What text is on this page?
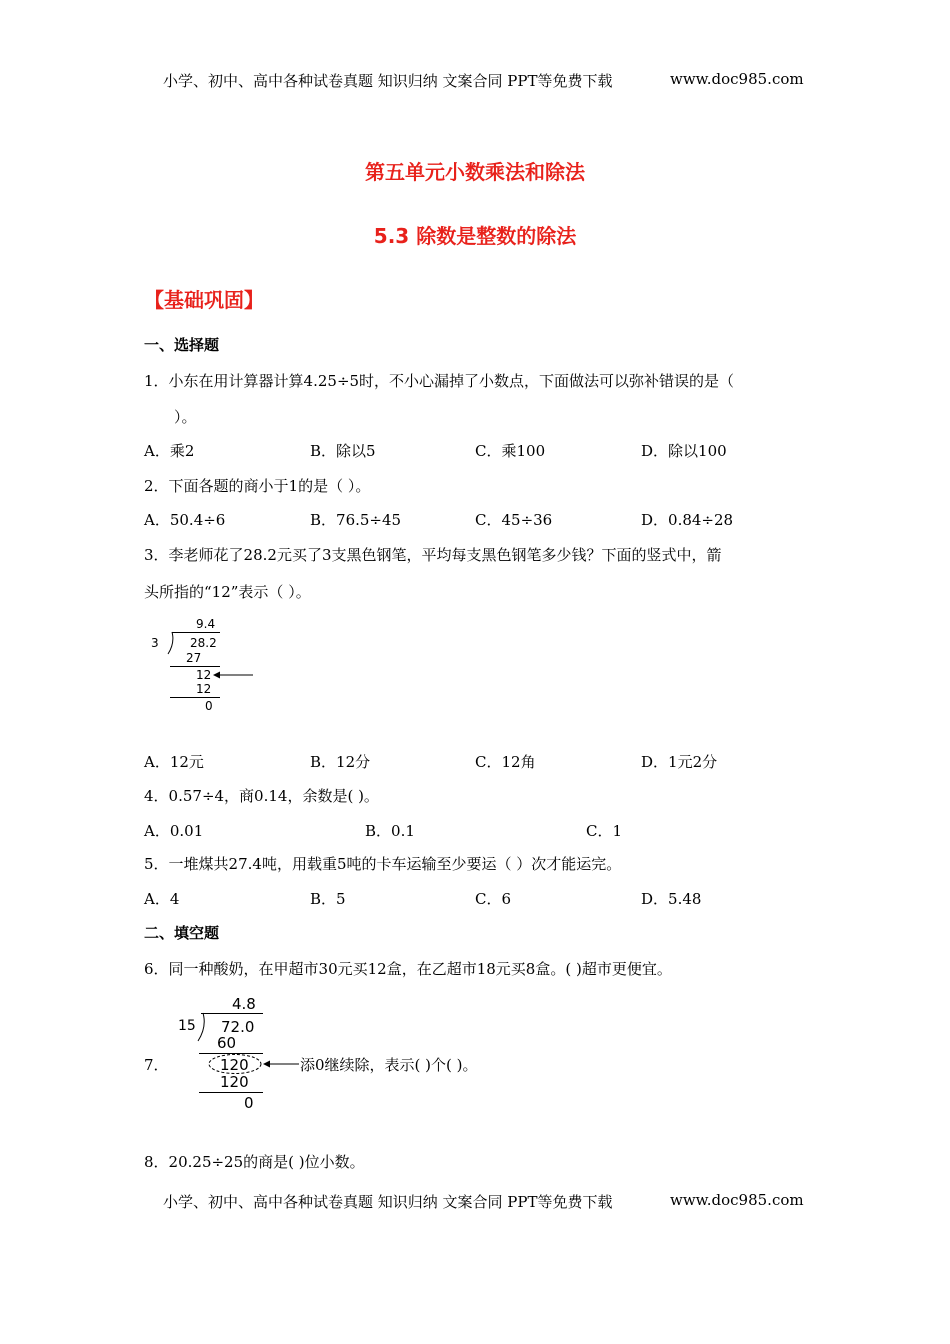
小学、初中、高中各种试卷真题 知识归纳 文案合同 PPT等免费下载	www.doc985.com
第五单元小数乘法和除法
5.3 除数是整数的除法
【基础巩固】
一、选择题
1．小东在用计算器计算4.25÷5时，不小心漏掉了小数点，下面做法可以弥补错误的是（
）。
A．乘2	B．除以5	C．乘100	D．除以100
2．下面各题的商小于1的是（ ）。
A．50.4÷6	B．76.5÷45	C．45÷36	D．0.84÷28
3．李老师花了28.2元买了3支黑色钢笔，平均每支黑色钢笔多少钱？下面的竖式中，箭
头所指的“12”表示（ ）。
9.4
3	28.2
27
12
12
0
A．12元	B．12分	C．12角	D．1元2分
4．0.57÷4，商0.14，余数是( )。
A．0.01	B．0.1	C．1
5．一堆煤共27.4吨，用载重5吨的卡车运输至少要运（ ）次才能运完。
A．4	B．5	C．6	D．5.48
二、填空题
6．同一种酸奶，在甲超市30元买12盒，在乙超市18元买8盒。( )超市更便宜。
7．
4.8
15 72.0
60
120
120
0
添0继续除，表示( )个( )。
8．20.25÷25的商是( )位小数。
小学、初中、高中各种试卷真题 知识归纳 文案合同 PPT等免费下载	www.doc985.com
